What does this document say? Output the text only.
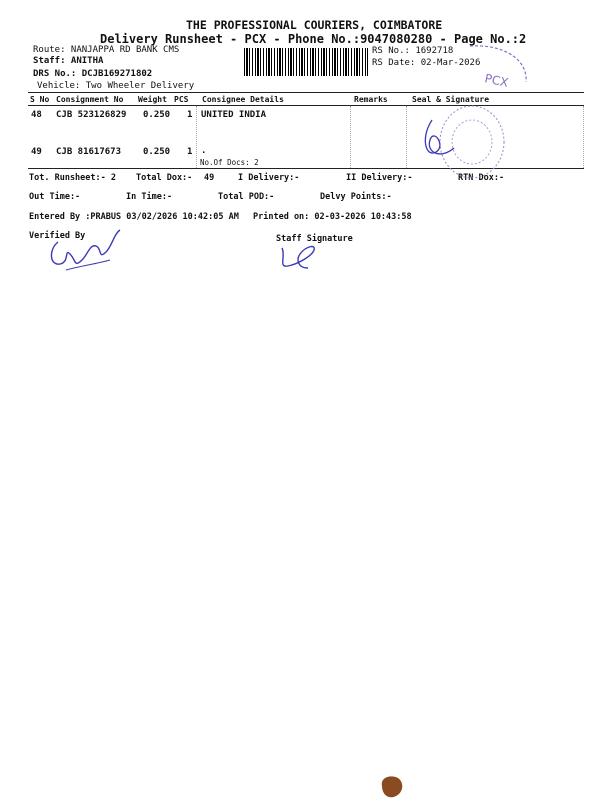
THE PROFESSIONAL COURIERS, COIMBATORE
Delivery Runsheet - PCX - Phone No.:9047080280 - Page No.:2
Route: NANJAPPA RD BANK CMS
Staff: ANITHA
DRS No.: DCJB169271802
Vehicle: Two Wheeler Delivery
RS No.: 1692718
RS Date: 02-Mar-2026
S No Consignment No Weight PCS Consignee Details	Remarks	Seal & Signature
48 CJB 523126829 0.250 1 UNITED INDIA
49 CJB 81617673 0.250 1 .
No.Of Docs: 2
Tot. Runsheet:- 2 Total Dox:- 49	I Delivery:-	II Delivery:-	RTN Dox:-
Out Time:-	In Time:-	Total POD:-	Delvy Points:-
Entered By :PRABUS 03/02/2026 10:42:05 AM Printed on: 02-03-2026 10:43:58
Verified By	Staff Signature
PCX
